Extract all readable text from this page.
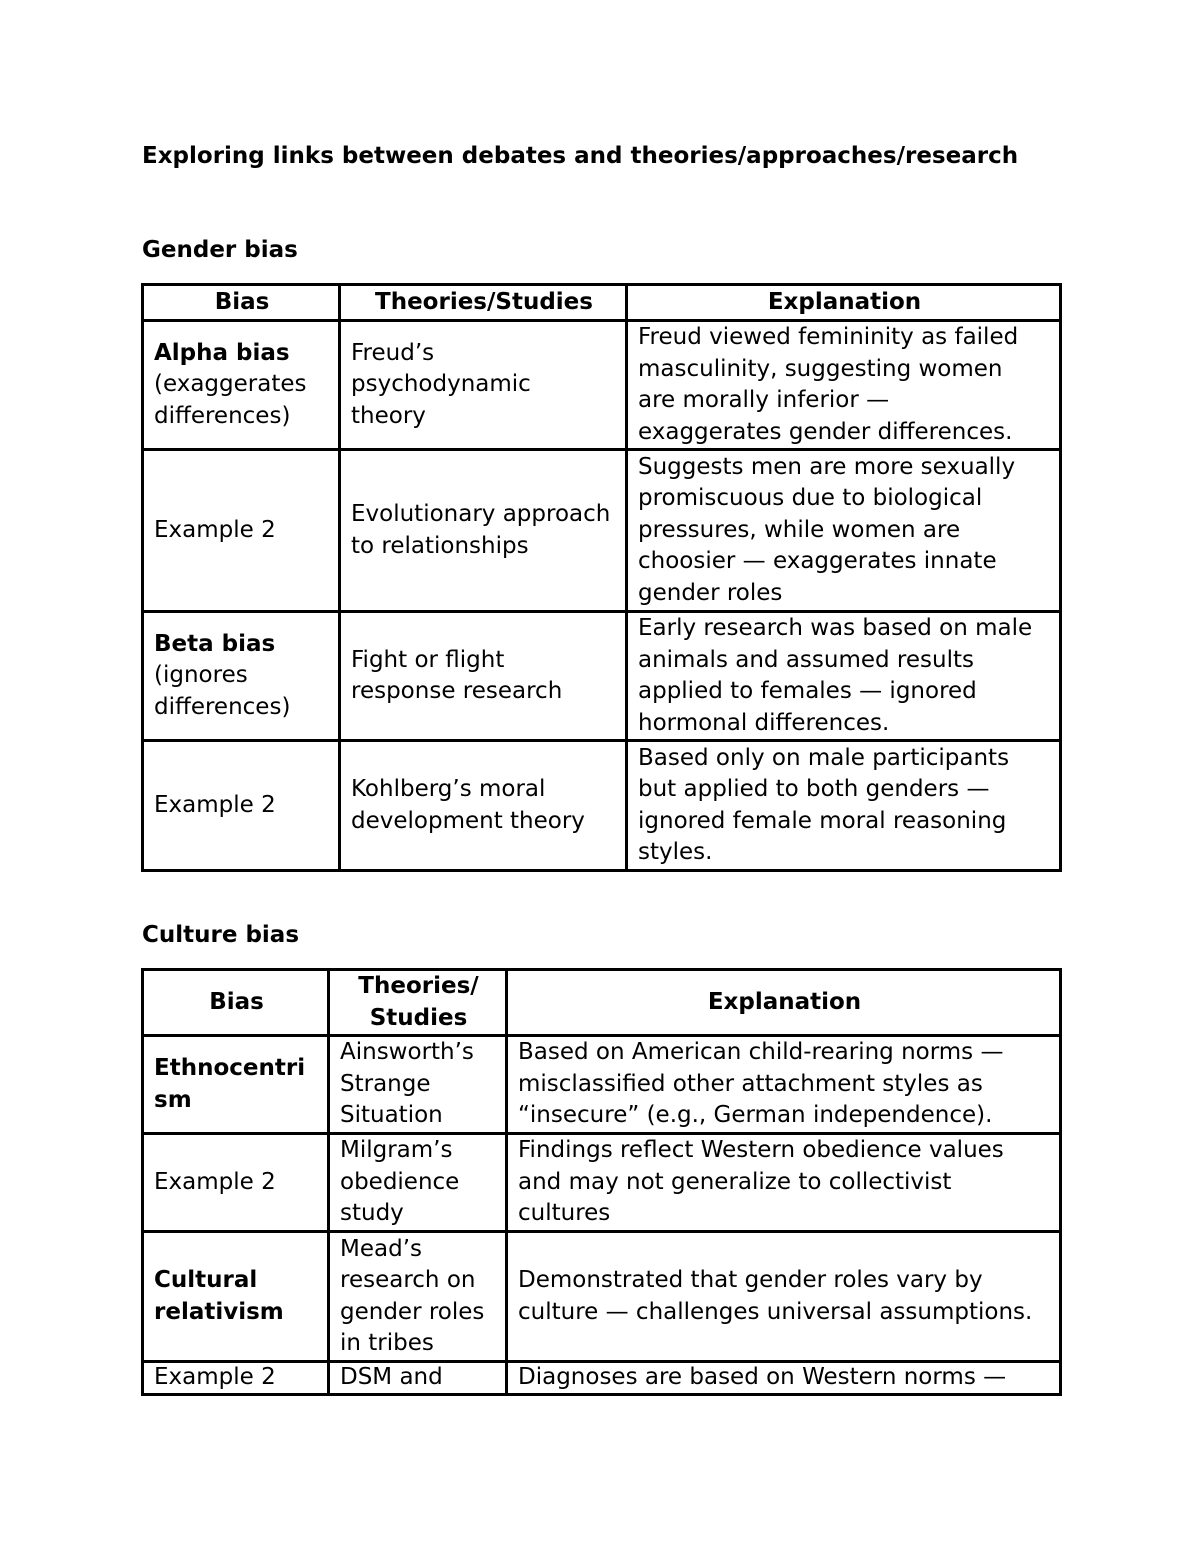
Exploring links between debates and theories/approaches/research
Gender bias
Bias	Theories/Studies	Explanation

Alpha bias
(exaggerates
differences)	Freud’s
psychodynamic
theory	Freud viewed femininity as failed
masculinity, suggesting women
are morally inferior —
exaggerates gender differences.

Example 2	Evolutionary approach
to relationships	Suggests men are more sexually
promiscuous due to biological
pressures, while women are
choosier — exaggerates innate
gender roles

Beta bias
(ignores
differences)	Fight or flight
response research	Early research was based on male
animals and assumed results
applied to females — ignored
hormonal differences.

Example 2	Kohlberg’s moral
development theory	Based only on male participants
but applied to both genders —
ignored female moral reasoning
styles.
Culture bias
Bias	Theories/
Studies	Explanation

Ethnocentri
sm	Ainsworth’s
Strange
Situation	Based on American child-rearing norms —
misclassified other attachment styles as
“insecure” (e.g., German independence).

Example 2	Milgram’s
obedience
study	Findings reflect Western obedience values
and may not generalize to collectivist
cultures

Cultural
relativism	Mead’s
research on
gender roles
in tribes	Demonstrated that gender roles vary by
culture — challenges universal assumptions.

Example 2	DSM and	Diagnoses are based on Western norms —
